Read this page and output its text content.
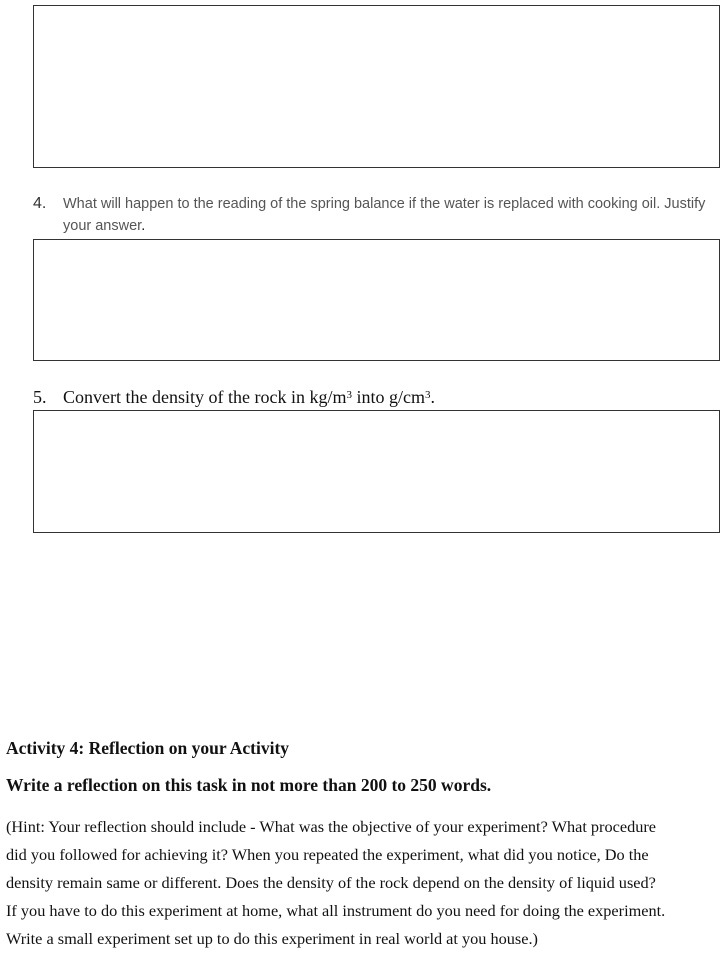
4. What will happen to the reading of the spring balance if the water is replaced with cooking oil. Justify your answer.
5. Convert the density of the rock in $kg/m^3$ into $g/cm^3$.
Activity 4: Reflection on your Activity
Write a reflection on this task in not more than 200 to 250 words.
(Hint: Your reflection should include - What was the objective of your experiment? What procedure
did you followed for achieving it? When you repeated the experiment, what did you notice, Do the
density remain same or different. Does the density of the rock depend on the density of liquid used?
If you have to do this experiment at home, what all instrument do you need for doing the experiment.
Write a small experiment set up to do this experiment in real world at you house.)
